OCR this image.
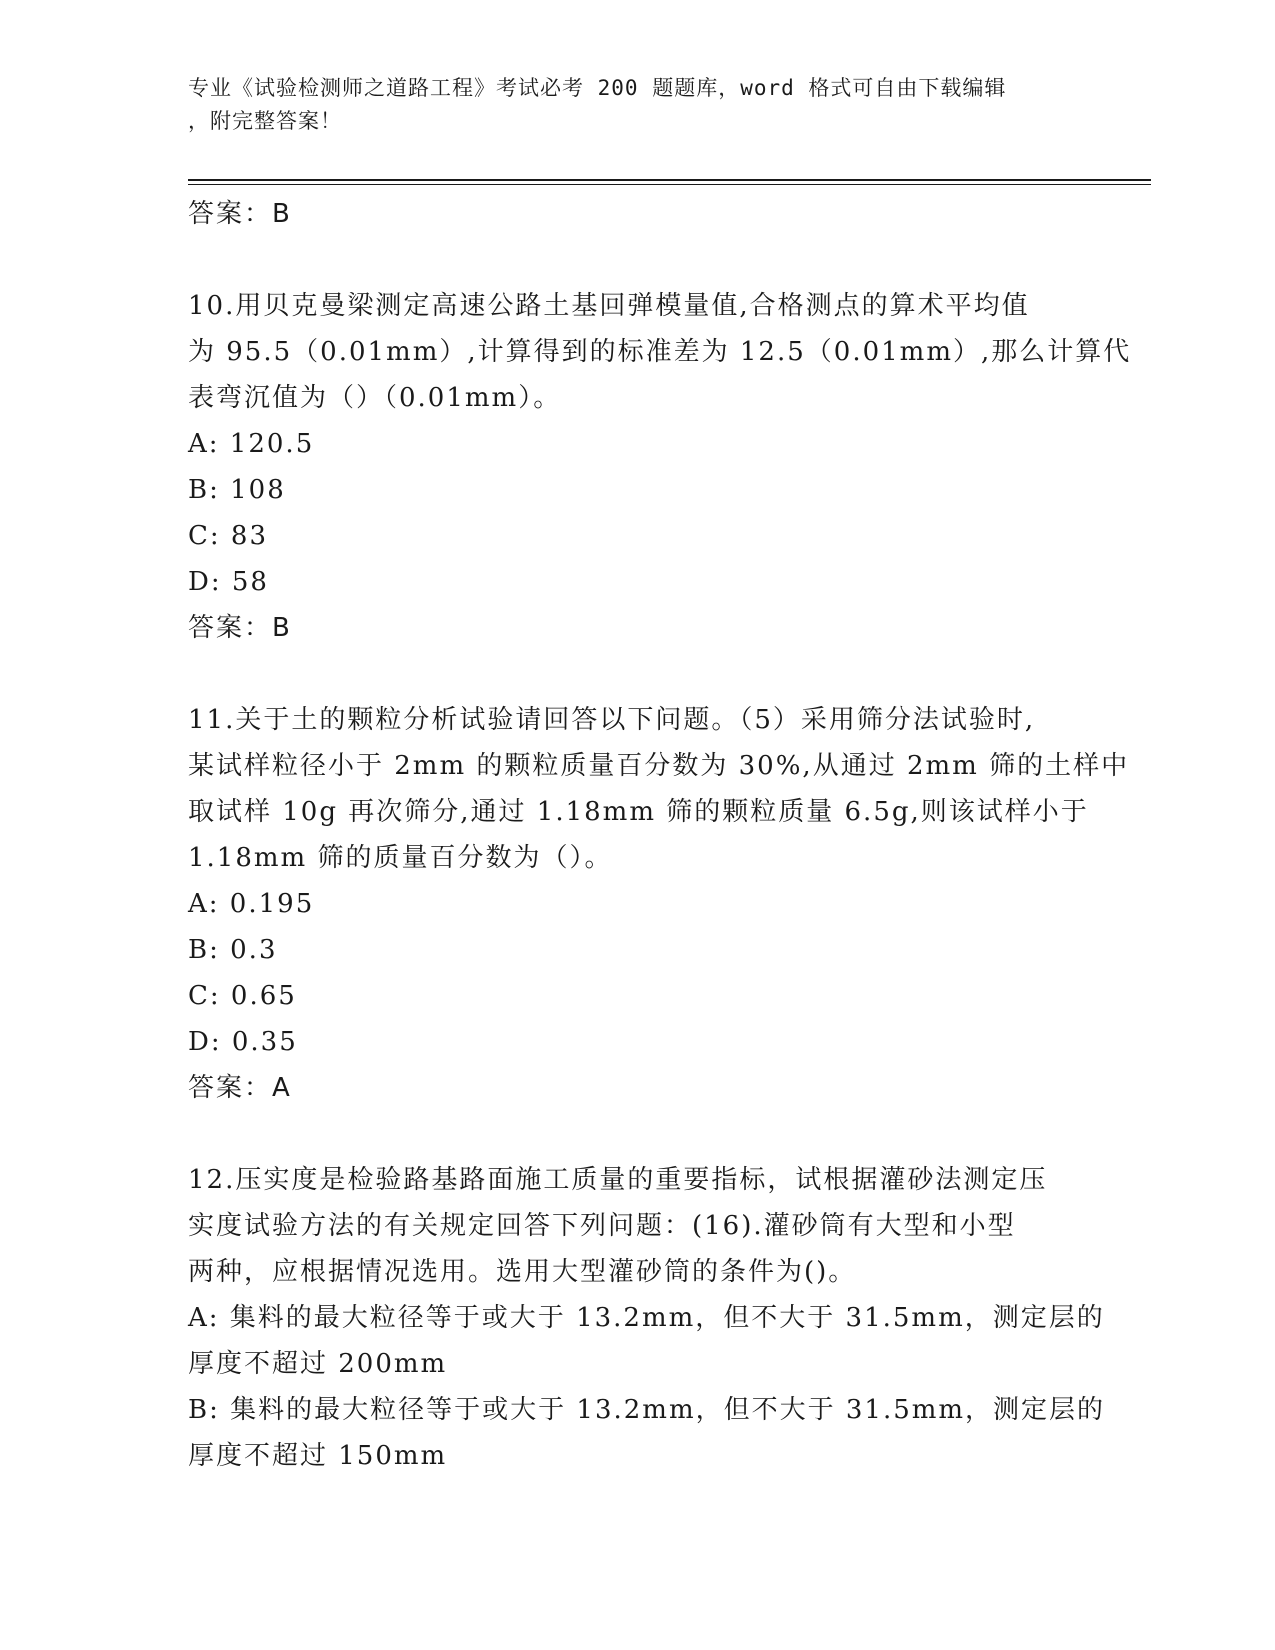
专业《试验检测师之道路工程》考试必考 200 题题库，word 格式可自由下载编辑
，附完整答案！
答案：B
10.用贝克曼梁测定高速公路土基回弹模量值,合格测点的算术平均值
为 95.5（0.01mm）,计算得到的标准差为 12.5（0.01mm）,那么计算代
表弯沉值为（）（0.01mm）。
A: 120.5
B: 108
C: 83
D: 58
答案：B
11.关于土的颗粒分析试验请回答以下问题。（5）采用筛分法试验时,
某试样粒径小于 2mm 的颗粒质量百分数为 30%,从通过 2mm 筛的土样中
取试样 10g 再次筛分,通过 1.18mm 筛的颗粒质量 6.5g,则该试样小于
1.18mm 筛的质量百分数为（）。
A: 0.195
B: 0.3
C: 0.65
D: 0.35
答案：A
12.压实度是检验路基路面施工质量的重要指标，试根据灌砂法测定压
实度试验方法的有关规定回答下列问题：(16).灌砂筒有大型和小型
两种，应根据情况选用。选用大型灌砂筒的条件为()。
A: 集料的最大粒径等于或大于 13.2mm，但不大于 31.5mm，测定层的
厚度不超过 200mm
B: 集料的最大粒径等于或大于 13.2mm，但不大于 31.5mm，测定层的
厚度不超过 150mm
